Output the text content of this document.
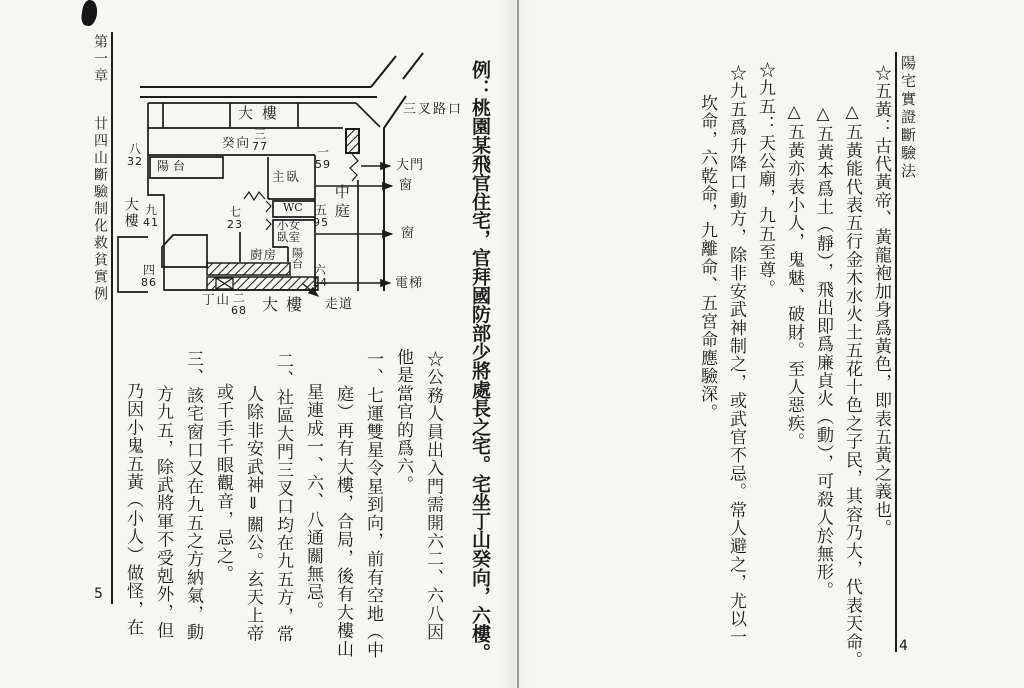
第一章 廿四山斷驗制化救貧實例
5
三叉路口
大樓
大樓
大樓
癸向
丁山
中庭
陽台
主臥
WC
小女
臥室
廚房 陽台
大門
窗
窗
電梯
走道
三
77	一
59
八
32
九
41
七
23
五
95
四
86
六
14
二
68	例：桃園某飛官住宅，官拜國防部少將處長之宅。宅坐丁山癸向，六樓。
☆公務人員出入門需開六二、六八因
他是當官的爲六。
一、七運雙星令星到向，前有空地（中
庭）再有大樓，合局，後有大樓山
星連成一、六、八通關無忌。
二、社區大門三叉口均在九五方，常
人除非安武神⇓關公。玄天上帝
或千手千眼觀音，忌之。
三、該宅窗口又在九五之方納氣，動
方九五，除武將軍不受剋外，但
乃因小鬼五黃（小人）做怪，在
陽宅實證斷驗法
4
☆五黃：古代黃帝、黃龍袍加身爲黃色，即表五黃之義也。
△五黃能代表五行金木水火土五花十色之子民，其容乃大，代表天命。
△五黃本爲土（靜），飛出即爲廉貞火（動），可殺人於無形。
△五黃亦表小人，鬼魅、破財。至人惡疾。
☆九五：天公廟，九五至尊。
☆九五爲升降口動方，除非安武神制之，或武官不忌。常人避之，尤以一
坎命，六乾命，九離命、五宮命應驗深。
